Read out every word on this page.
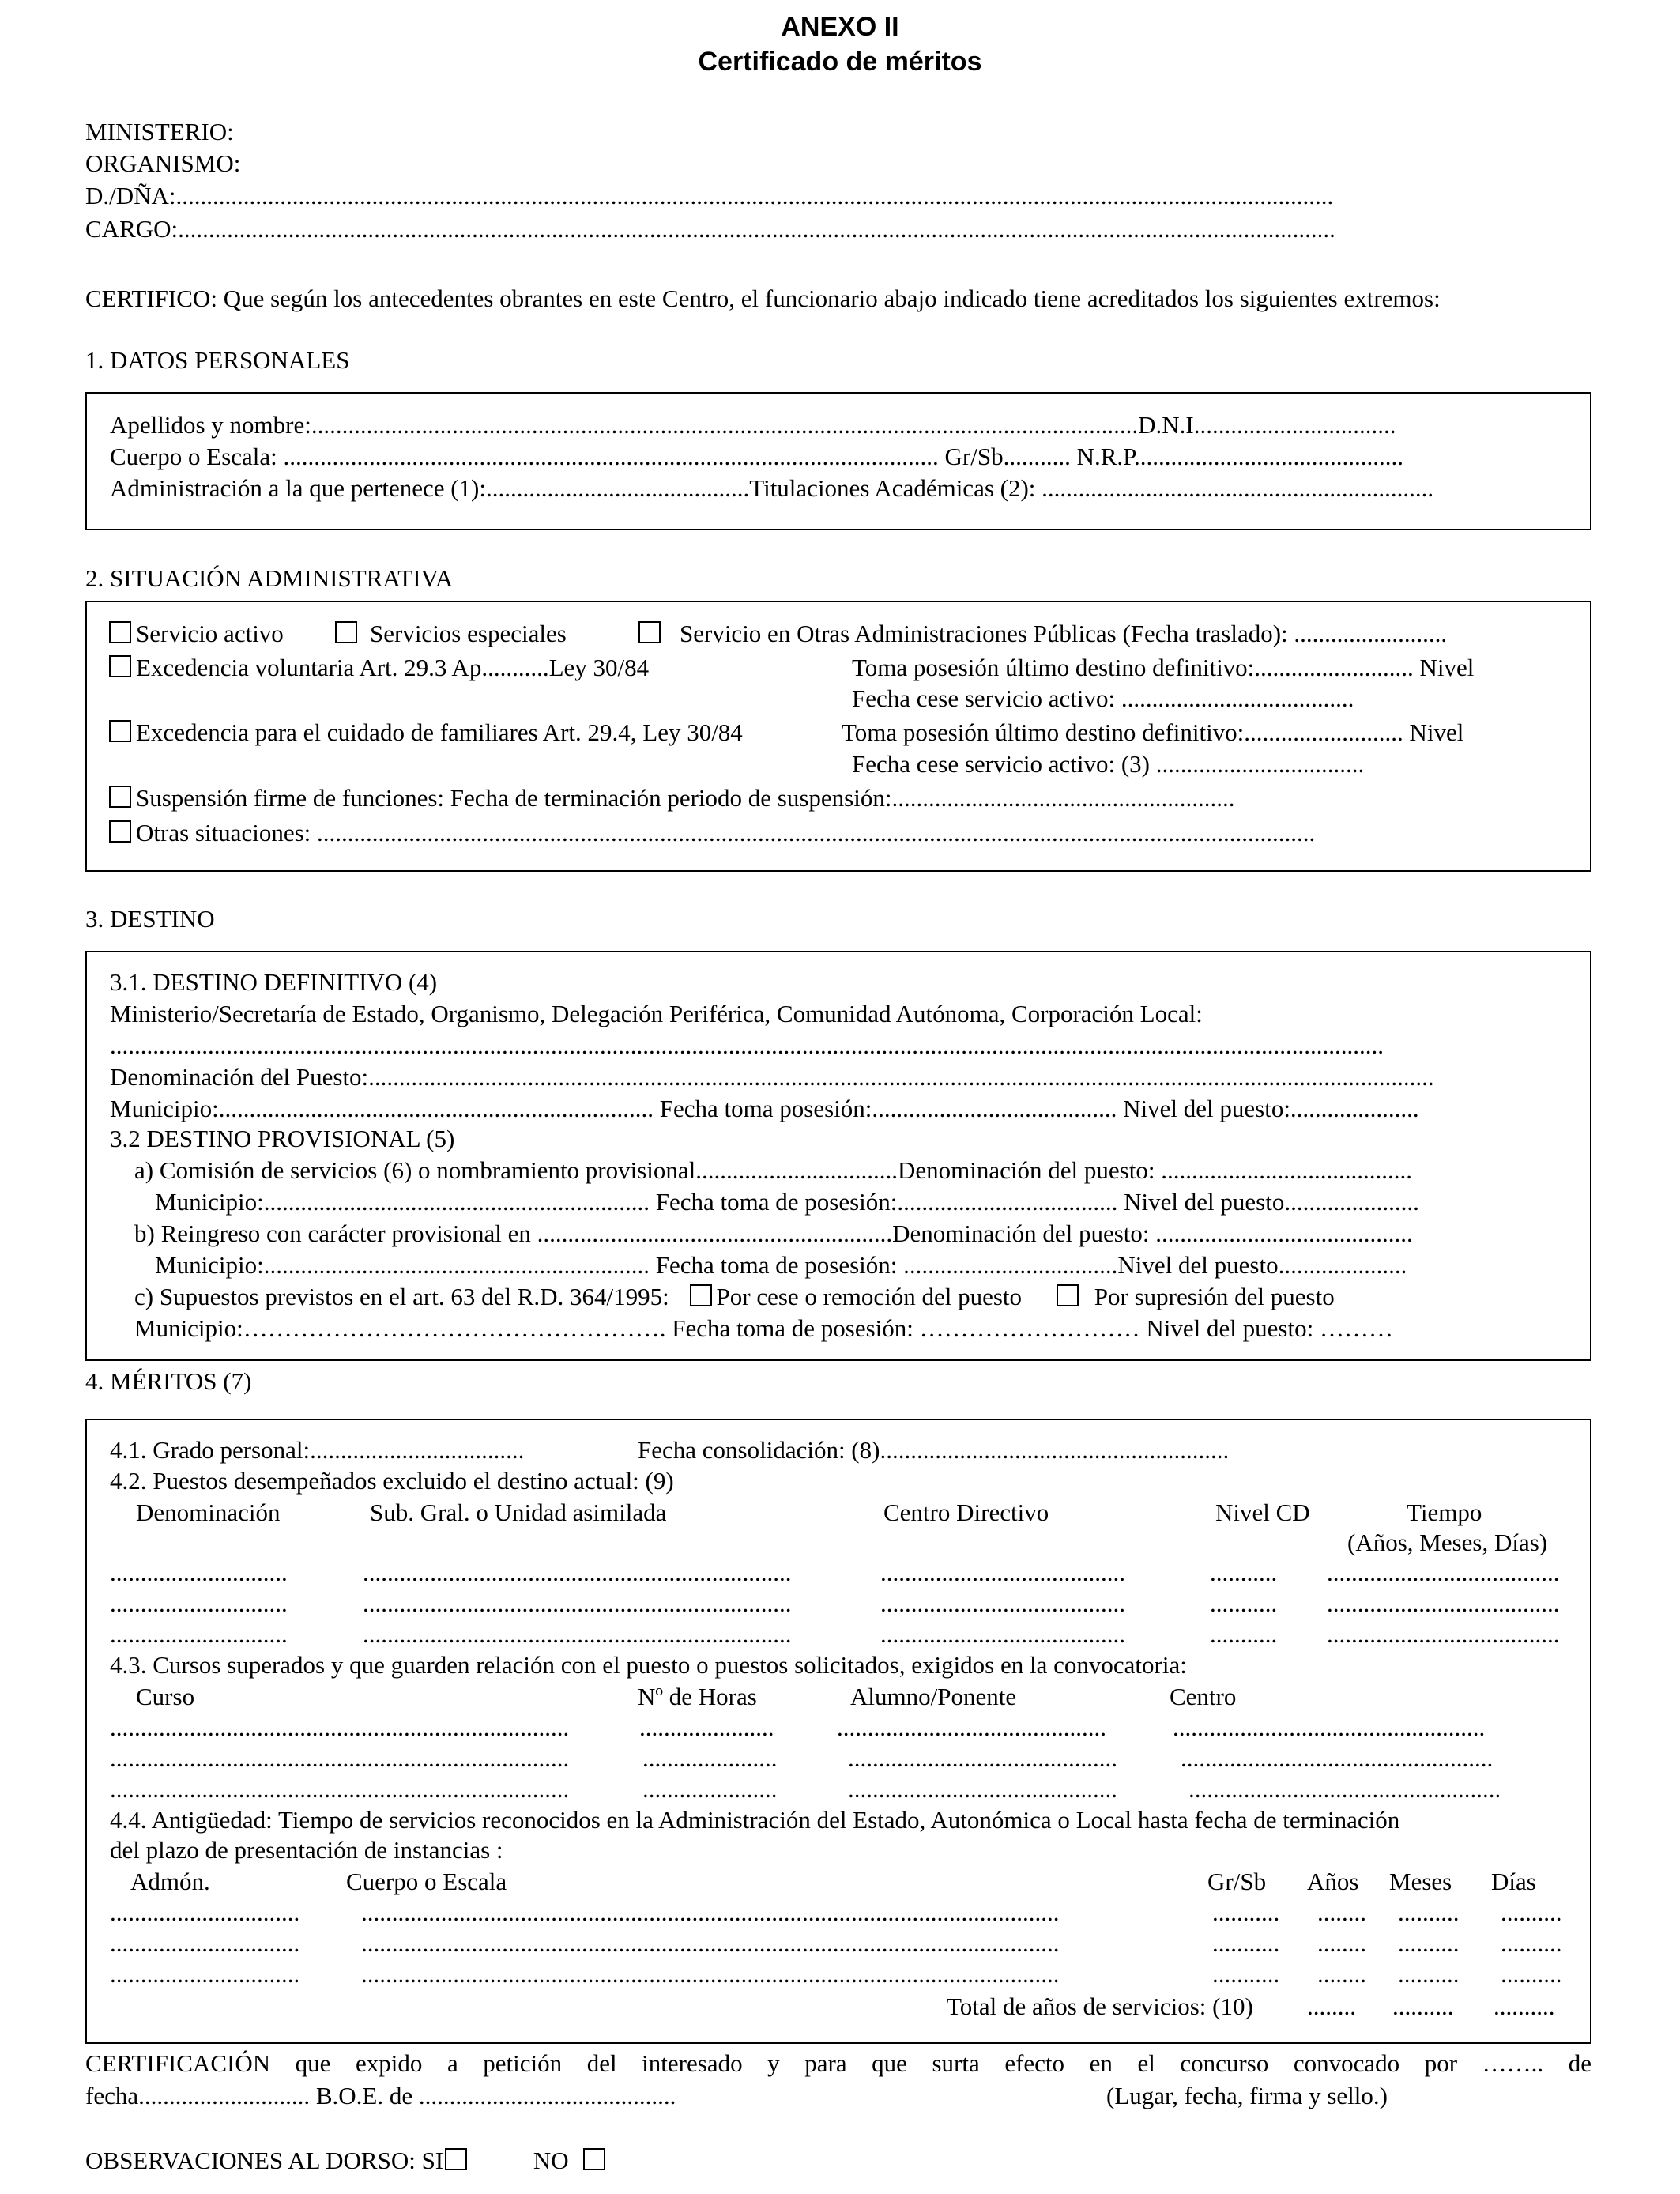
ANEXO II
Certificado de méritos
MINISTERIO:
ORGANISMO:
D./DÑA:.............................................................................................................................................................................................
CARGO:.............................................................................................................................................................................................
CERTIFICO: Que según los antecedentes obrantes en este Centro, el funcionario abajo indicado tiene acreditados los siguientes extremos:
1. DATOS PERSONALES
Apellidos y nombre:.......................................................................................................................................D.N.I.................................
Cuerpo o Escala: ........................................................................................................... Gr/Sb........... N.R.P............................................
Administración a la que pertenece (1):...........................................Titulaciones Académicas (2): ................................................................
2. SITUACIÓN ADMINISTRATIVA
Servicio activo	Servicios especiales	Servicio en Otras Administraciones Públicas (Fecha traslado): .........................
Excedencia voluntaria Art. 29.3 Ap...........Ley 30/84	Toma posesión último destino definitivo:.......................... Nivel
Fecha cese servicio activo: ......................................
Excedencia para el cuidado de familiares Art. 29.4, Ley 30/84	Toma posesión último destino definitivo:.......................... Nivel
Fecha cese servicio activo: (3) ..................................
Suspensión firme de funciones: Fecha de terminación periodo de suspensión:........................................................
Otras situaciones: ...................................................................................................................................................................
3. DESTINO
3.1. DESTINO DEFINITIVO (4)
Ministerio/Secretaría de Estado, Organismo, Delegación Periférica, Comunidad Autónoma, Corporación Local:
................................................................................................................................................................................................................
Denominación del Puesto:..............................................................................................................................................................................
Municipio:....................................................................... Fecha toma posesión:........................................ Nivel del puesto:.....................
3.2 DESTINO PROVISIONAL (5)
a) Comisión de servicios (6) o nombramiento provisional.................................Denominación del puesto: .........................................
Municipio:............................................................... Fecha toma de posesión:.................................... Nivel del puesto......................
b) Reingreso con carácter provisional en ..........................................................Denominación del puesto: ..........................................
Municipio:............................................................... Fecha toma de posesión: ...................................Nivel del puesto.....................
c) Supuestos previstos en el art. 63 del R.D. 364/1995: Por cese o remoción del puesto	Por supresión del puesto
Municipio:……………………………………………. Fecha toma de posesión: ……………………… Nivel del puesto: ………
4. MÉRITOS (7)
4.1. Grado personal:...................................	Fecha consolidación: (8).........................................................
4.2. Puestos desempeñados excluido el destino actual: (9)
Denominación	Sub. Gral. o Unidad asimilada	Centro Directivo	Nivel CD	Tiempo
(Años, Meses, Días)
.............................	......................................................................	........................................	........... ......................................
.............................	......................................................................	........................................	........... ......................................
.............................	......................................................................	........................................	........... ......................................
4.3. Cursos superados y que guarden relación con el puesto o puestos solicitados, exigidos en la convocatoria:
Curso	Nº de Horas	Alumno/Ponente	Centro
...........................................................................	......................	............................................	...................................................
...........................................................................	......................	............................................	...................................................
...........................................................................	......................	............................................	...................................................
4.4. Antigüedad: Tiempo de servicios reconocidos en la Administración del Estado, Autonómica o Local hasta fecha de terminación
del plazo de presentación de instancias :
Admón.	Cuerpo o Escala	Gr/Sb Años Meses Días
...............................	..................................................................................................................	........... ........ .......... ..........
...............................	..................................................................................................................	........... ........ .......... ..........
...............................	..................................................................................................................	........... ........ .......... ..........
Total de años de servicios: (10) ........ .......... ..........
CERTIFICACIÓN que expido a petición del interesado y para que surta efecto en el concurso convocado por …….. de
fecha............................ B.O.E. de ..........................................	(Lugar, fecha, firma y sello.)
OBSERVACIONES AL DORSO: SI	NO
